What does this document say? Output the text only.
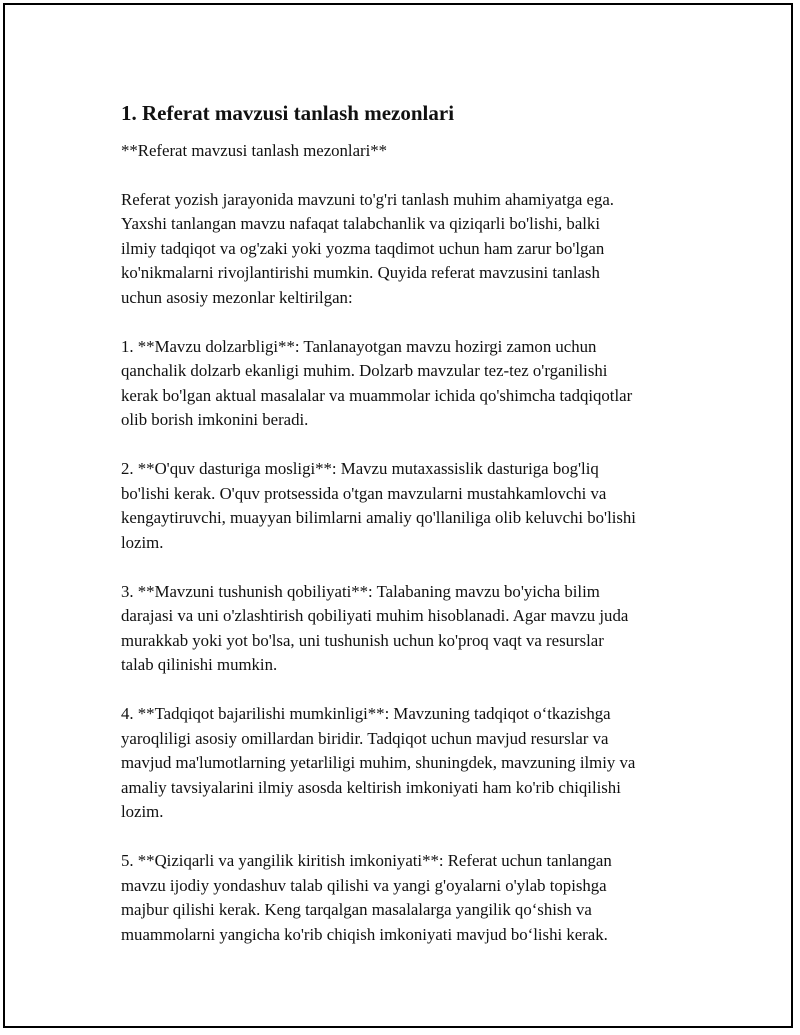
1. Referat mavzusi tanlash mezonlari
**Referat mavzusi tanlash mezonlari**
Referat yozish jarayonida mavzuni to'g'ri tanlash muhim ahamiyatga ega.
Yaxshi tanlangan mavzu nafaqat talabchanlik va qiziqarli bo'lishi, balki
ilmiy tadqiqot va og'zaki yoki yozma taqdimot uchun ham zarur bo'lgan
ko'nikmalarni rivojlantirishi mumkin. Quyida referat mavzusini tanlash
uchun asosiy mezonlar keltirilgan:
1. **Mavzu dolzarbligi**: Tanlanayotgan mavzu hozirgi zamon uchun
qanchalik dolzarb ekanligi muhim. Dolzarb mavzular tez-tez o'rganilishi
kerak bo'lgan aktual masalalar va muammolar ichida qo'shimcha tadqiqotlar
olib borish imkonini beradi.
2. **O'quv dasturiga mosligi**: Mavzu mutaxassislik dasturiga bog'liq
bo'lishi kerak. O'quv protsessida o'tgan mavzularni mustahkamlovchi va
kengaytiruvchi, muayyan bilimlarni amaliy qo'llaniliga olib keluvchi bo'lishi
lozim.
3. **Mavzuni tushunish qobiliyati**: Talabaning mavzu bo'yicha bilim
darajasi va uni o'zlashtirish qobiliyati muhim hisoblanadi. Agar mavzu juda
murakkab yoki yot bo'lsa, uni tushunish uchun ko'proq vaqt va resurslar
talab qilinishi mumkin.
4. **Tadqiqot bajarilishi mumkinligi**: Mavzuning tadqiqot o‘tkazishga
yaroqliligi asosiy omillardan biridir. Tadqiqot uchun mavjud resurslar va
mavjud ma'lumotlarning yetarliligi muhim, shuningdek, mavzuning ilmiy va
amaliy tavsiyalarini ilmiy asosda keltirish imkoniyati ham ko'rib chiqilishi
lozim.
5. **Qiziqarli va yangilik kiritish imkoniyati**: Referat uchun tanlangan
mavzu ijodiy yondashuv talab qilishi va yangi g'oyalarni o'ylab topishga
majbur qilishi kerak. Keng tarqalgan masalalarga yangilik qo‘shish va
muammolarni yangicha ko'rib chiqish imkoniyati mavjud bo‘lishi kerak.
